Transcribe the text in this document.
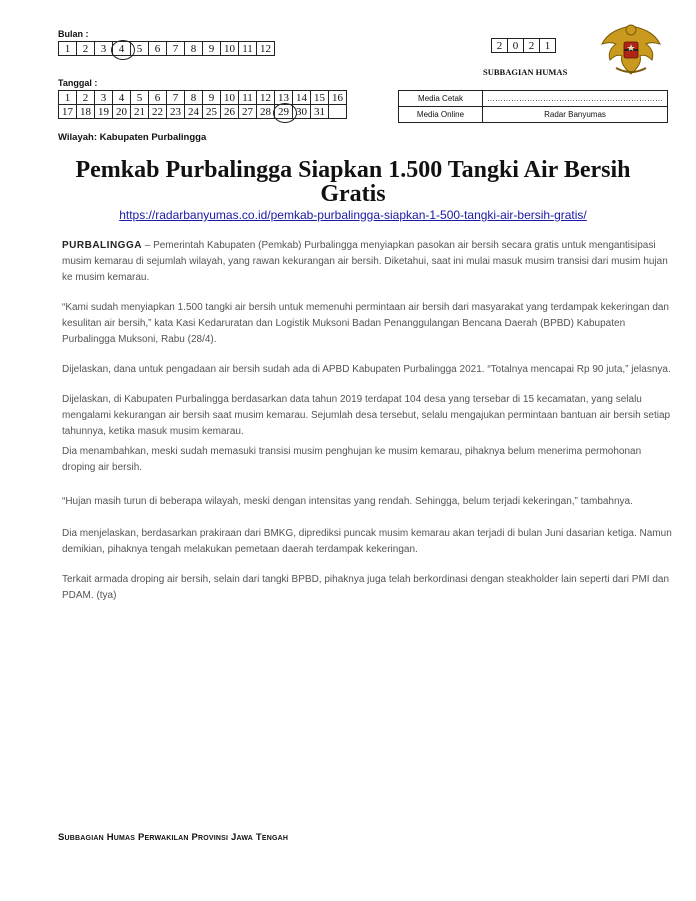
Bulan :
1	2	3	4	5	6	7	8	9	10	11	12	2	0	2	1
SUBBAGIAN HUMAS
Tanggal :
1	2	3	4	5	6	7	8	9	10	11	12	13	14	15	16
17	18	19	20	21	22	23	24	25	26	27	28	29	30	31	
Media Cetak	…………………………………………………………
Media Online	Radar Banyumas
Wilayah: Kabupaten Purbalingga

Pemkab Purbalingga Siapkan 1.500 Tangki Air Bersih

Gratis

https://radarbanyumas.co.id/pemkab-purbalingga-siapkan-1-500-tangki-air-bersih-gratis/

PURBALINGGA – Pemerintah Kabupaten (Pemkab) Purbalingga menyiapkan pasokan air bersih secara gratis untuk mengantisipasi musim kemarau di sejumlah wilayah, yang rawan kekurangan air bersih. Diketahui, saat ini mulai masuk musim transisi dari musim hujan ke musim kemarau.

“Kami sudah menyiapkan 1.500 tangki air bersih untuk memenuhi permintaan air bersih dari masyarakat yang terdampak kekeringan dan kesulitan air bersih,” kata Kasi Kedaruratan dan Logistik Muksoni Badan Penanggulangan Bencana Daerah (BPBD) Kabupaten Purbalingga Muksoni, Rabu (28/4).

Dijelaskan, dana untuk pengadaan air bersih sudah ada di APBD Kabupaten Purbalingga 2021. “Totalnya mencapai Rp 90 juta,” jelasnya.

Dijelaskan, di Kabupaten Purbalingga berdasarkan data tahun 2019 terdapat 104 desa yang tersebar di 15 kecamatan, yang selalu mengalami kekurangan air bersih saat musim kemarau. Sejumlah desa tersebut, selalu mengajukan permintaan bantuan air bersih setiap tahunnya, ketika masuk musim kemarau.

Dia menambahkan, meski sudah memasuki transisi musim penghujan ke musim kemarau, pihaknya belum menerima permohonan droping air bersih.

“Hujan masih turun di beberapa wilayah, meski dengan intensitas yang rendah. Sehingga, belum terjadi kekeringan,” tambahnya.

Dia menjelaskan, berdasarkan prakiraan dari BMKG, diprediksi puncak musim kemarau akan terjadi di bulan Juni dasarian ketiga. Namun demikian, pihaknya tengah melakukan pemetaan daerah terdampak kekeringan.

Terkait armada droping air bersih, selain dari tangki BPBD, pihaknya juga telah berkordinasi dengan steakholder lain seperti dari PMI dan PDAM. (tya)

Subbagian Humas Perwakilan Provinsi Jawa Tengah
